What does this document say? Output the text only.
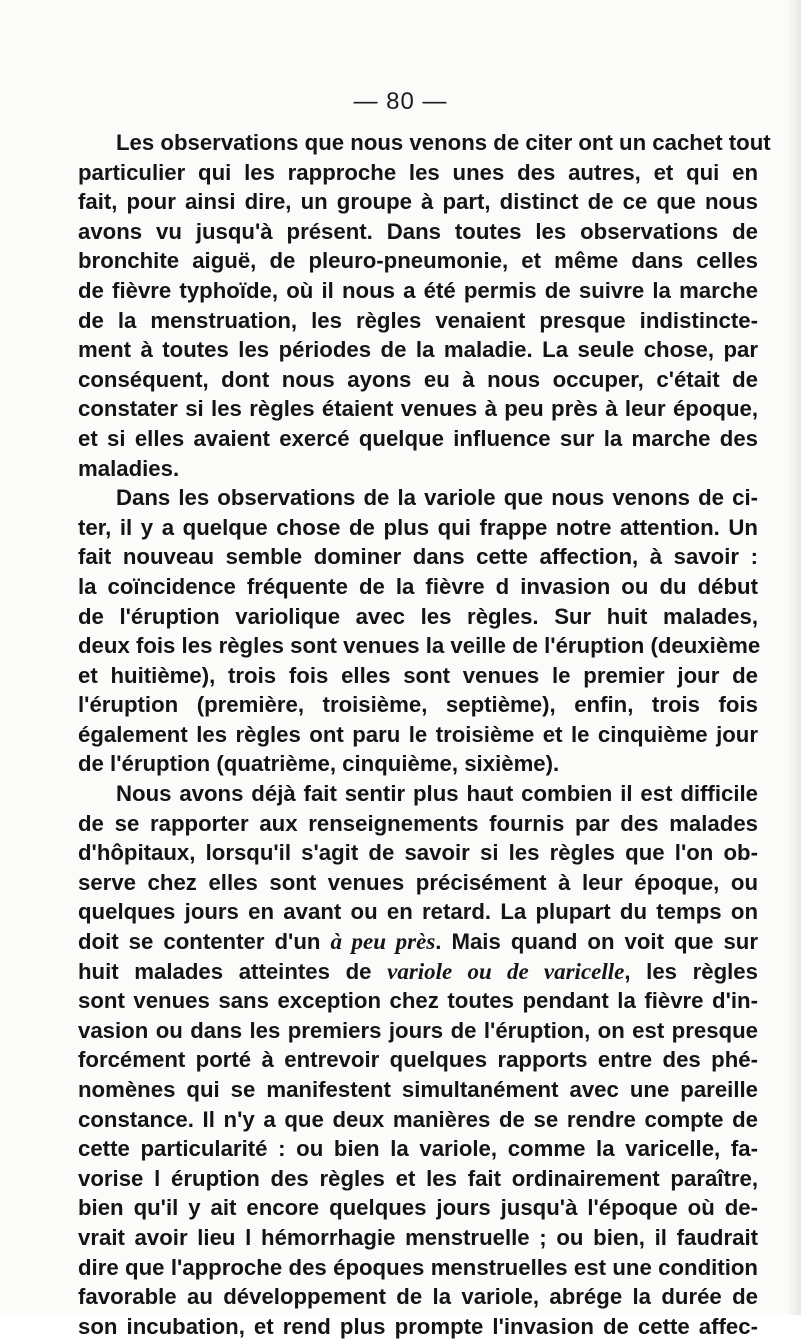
— 80 —
Les observations que nous venons de citer ont un cachet tout
particulier qui les rapproche les unes des autres, et qui en
fait, pour ainsi dire, un groupe à part, distinct de ce que nous
avons vu jusqu'à présent. Dans toutes les observations de
bronchite aiguë, de pleuro-pneumonie, et même dans celles
de fièvre typhoïde, où il nous a été permis de suivre la marche
de la menstruation, les règles venaient presque indistincte-
ment à toutes les périodes de la maladie. La seule chose, par
conséquent, dont nous ayons eu à nous occuper, c'était de
constater si les règles étaient venues à peu près à leur époque,
et si elles avaient exercé quelque influence sur la marche des
maladies.
Dans les observations de la variole que nous venons de ci-
ter, il y a quelque chose de plus qui frappe notre attention. Un
fait nouveau semble dominer dans cette affection, à savoir :
la coïncidence fréquente de la fièvre d invasion ou du début
de l'éruption variolique avec les règles. Sur huit malades,
deux fois les règles sont venues la veille de l'éruption (deuxième
et huitième), trois fois elles sont venues le premier jour de
l'éruption (première, troisième, septième), enfin, trois fois
également les règles ont paru le troisième et le cinquième jour
de l'éruption (quatrième, cinquième, sixième).
Nous avons déjà fait sentir plus haut combien il est difficile
de se rapporter aux renseignements fournis par des malades
d'hôpitaux, lorsqu'il s'agit de savoir si les règles que l'on ob-
serve chez elles sont venues précisément à leur époque, ou
quelques jours en avant ou en retard. La plupart du temps on
doit se contenter d'un à peu près. Mais quand on voit que sur
huit malades atteintes de variole ou de varicelle, les règles
sont venues sans exception chez toutes pendant la fièvre d'in-
vasion ou dans les premiers jours de l'éruption, on est presque
forcément porté à entrevoir quelques rapports entre des phé-
nomènes qui se manifestent simultanément avec une pareille
constance. Il n'y a que deux manières de se rendre compte de
cette particularité : ou bien la variole, comme la varicelle, fa-
vorise l éruption des règles et les fait ordinairement paraître,
bien qu'il y ait encore quelques jours jusqu'à l'époque où de-
vrait avoir lieu l hémorrhagie menstruelle ; ou bien, il faudrait
dire que l'approche des époques menstruelles est une condition
favorable au développement de la variole, abrége la durée de
son incubation, et rend plus prompte l'invasion de cette affec-
